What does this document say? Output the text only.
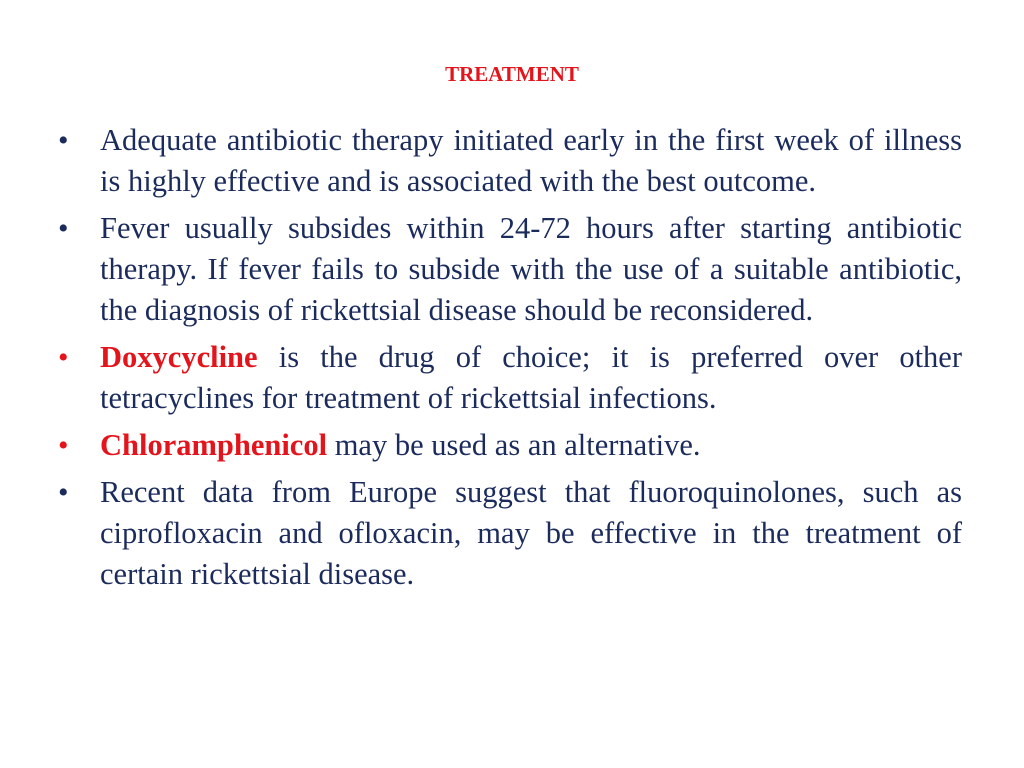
TREATMENT
•	Adequate antibiotic therapy initiated early in the first week of illness is highly effective and is associated with the best outcome.
•	Fever usually subsides within 24-72 hours after starting antibiotic therapy. If fever fails to subside with the use of a suitable antibiotic, the diagnosis of rickettsial disease should be reconsidered.
•	Doxycycline is the drug of choice; it is preferred over other tetracyclines for treatment of rickettsial infections.
•	Chloramphenicol may be used as an alternative.
•	Recent data from Europe suggest that fluoroquinolones, such as ciprofloxacin and ofloxacin, may be effective in the treatment of certain rickettsial disease.
